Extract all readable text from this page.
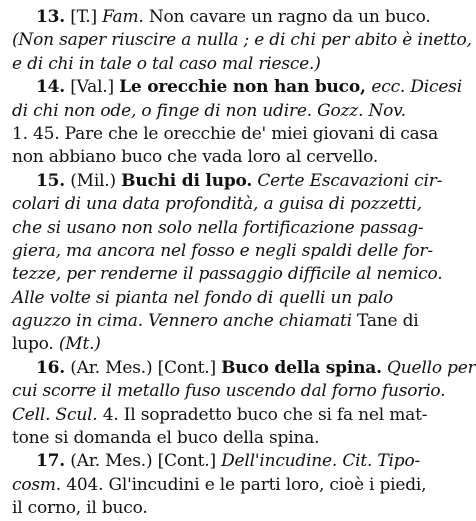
13. [T.] Fam. Non cavare un ragno da un buco.
(Non saper riuscire a nulla ; e di chi per abito è inetto,
e di chi in tale o tal caso mal riesce.)
14. [Val.] Le orecchie non han buco, ecc. Dicesi
di chi non ode, o finge di non udire. Gozz. Nov.
1. 45. Pare che le orecchie de' miei giovani di casa
non abbiano buco che vada loro al cervello.
15. (Mil.) Buchi di lupo. Certe Escavazioni cir-
colari di una data profondità, a guisa di pozzetti,
che si usano non solo nella fortificazione passag-
giera, ma ancora nel fosso e negli spaldi delle for-
tezze, per renderne il passaggio difficile al nemico.
Alle volte si pianta nel fondo di quelli un palo
aguzzo in cima. Vennero anche chiamati Tane di
lupo. (Mt.)
16. (Ar. Mes.) [Cont.] Buco della spina. Quello per
cui scorre il metallo fuso uscendo dal forno fusorio.
Cell. Scul. 4. Il sopradetto buco che si fa nel mat-
tone si domanda el buco della spina.
17. (Ar. Mes.) [Cont.] Dell'incudine. Cit. Tipo-
cosm. 404. Gl'incudini e le parti loro, cioè i piedi,
il corno, il buco.
